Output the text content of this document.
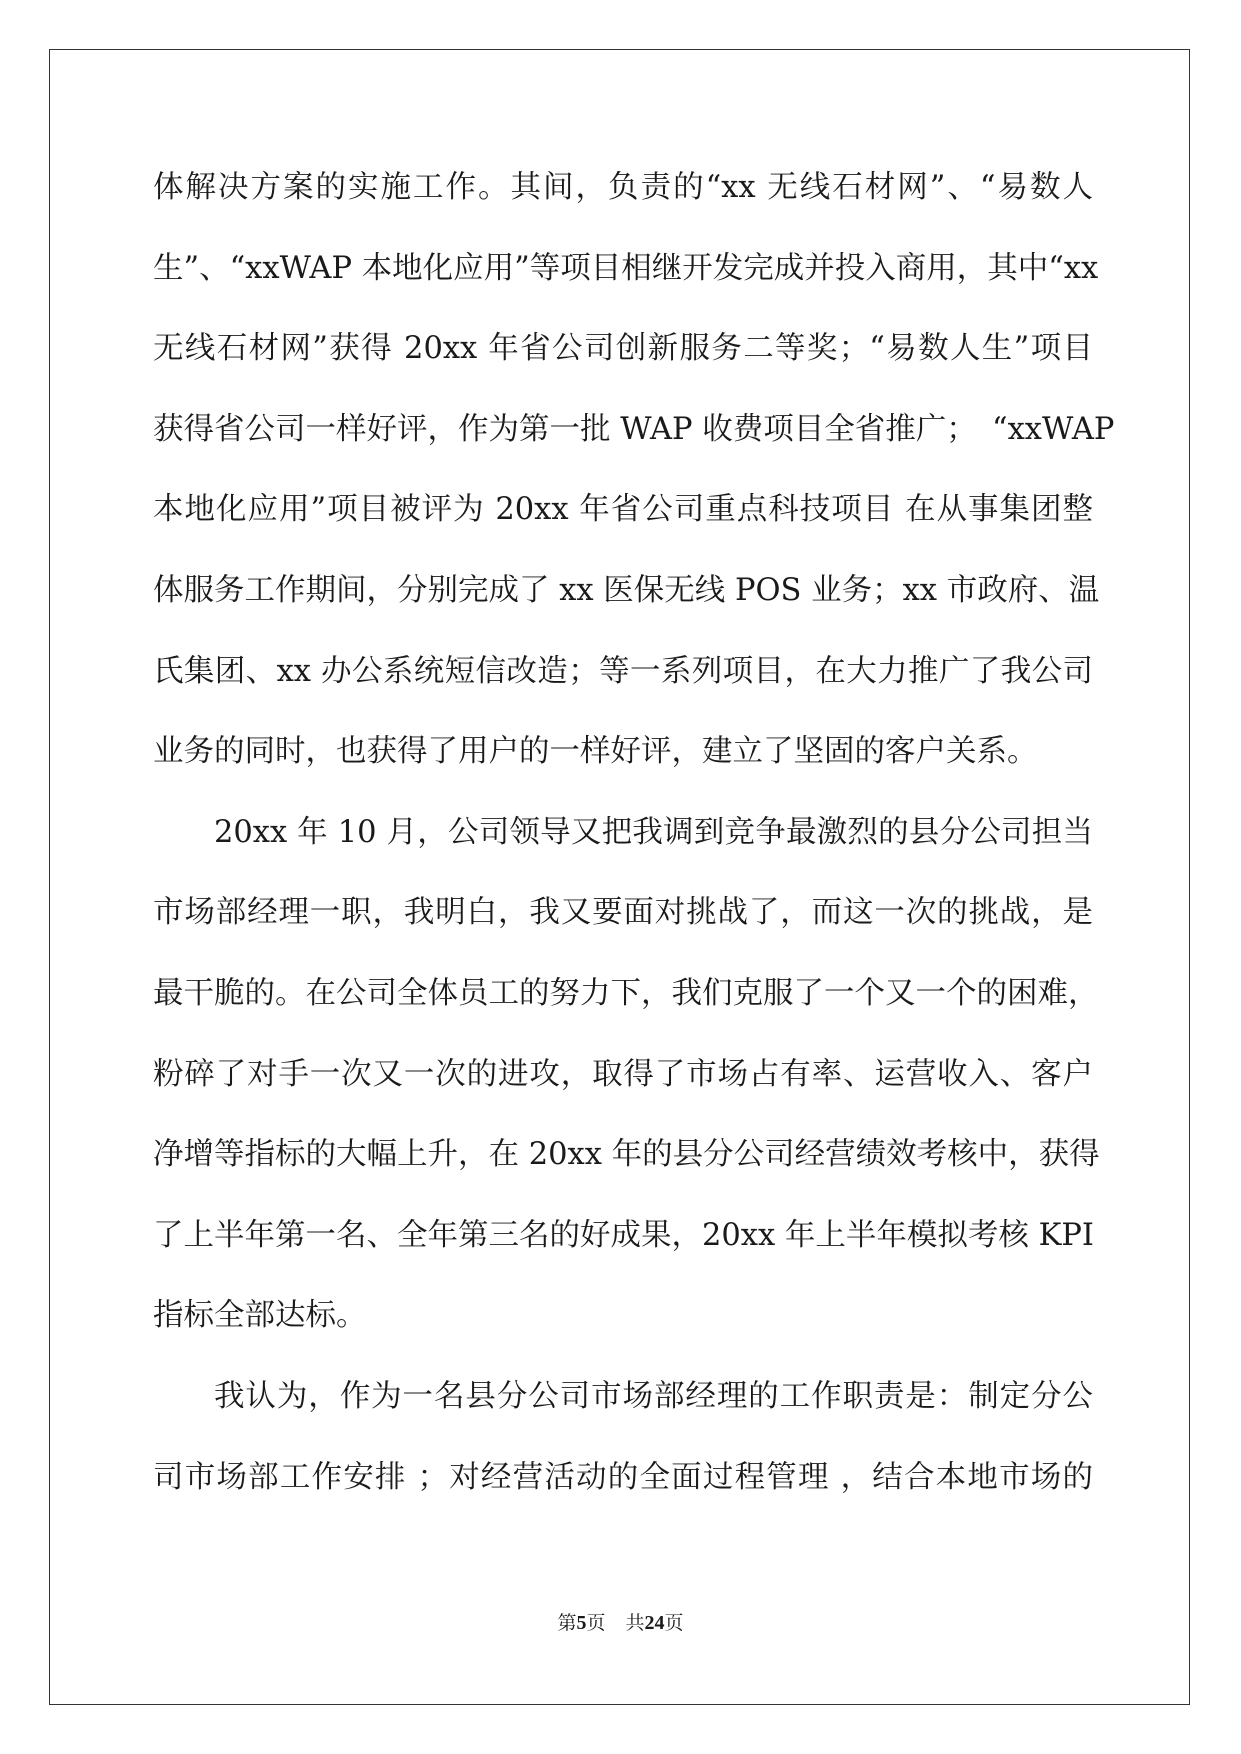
体解决方案的实施工作。其间，负责的“xx 无线石材网”、“易数人
生”、“xxWAP 本地化应用”等项目相继开发完成并投入商用，其中“xx
无线石材网”获得 20xx 年省公司创新服务二等奖；“易数人生”项目
获得省公司一样好评，作为第一批 WAP 收费项目全省推广；　“xxWAP
本地化应用”项目被评为 20xx 年省公司重点科技项目 在从事集团整
体服务工作期间，分别完成了 xx 医保无线 POS 业务；xx 市政府、温
氏集团、xx 办公系统短信改造；等一系列项目，在大力推广了我公司
业务的同时，也获得了用户的一样好评，建立了坚固的客户关系。
20xx 年 10 月，公司领导又把我调到竞争最激烈的县分公司担当
市场部经理一职，我明白，我又要面对挑战了，而这一次的挑战，是
最干脆的。在公司全体员工的努力下，我们克服了一个又一个的困难，
粉碎了对手一次又一次的进攻，取得了市场占有率、运营收入、客户
净增等指标的大幅上升，在 20xx 年的县分公司经营绩效考核中，获得
了上半年第一名、全年第三名的好成果，20xx 年上半年模拟考核 KPI
指标全部达标。
我认为，作为一名县分公司市场部经理的工作职责是：制定分公
司市场部工作安排 ；对经营活动的全面过程管理 ，结合本地市场的
第5页 共24页
